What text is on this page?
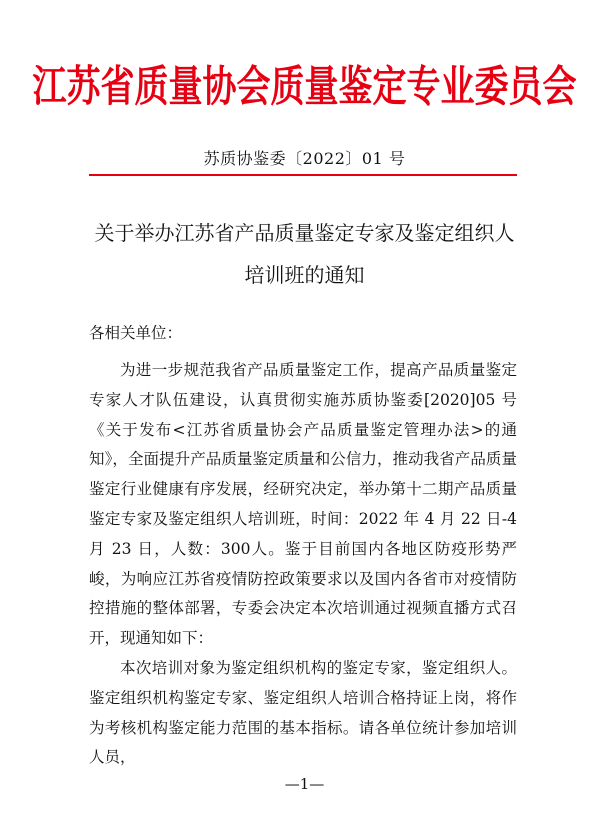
江苏省质量协会质量鉴定专业委员会
苏质协鉴委〔2022〕01 号
关于举办江苏省产品质量鉴定专家及鉴定组织人
培训班的通知
各相关单位：

为进一步规范我省产品质量鉴定工作，提高产品质量鉴定专家人才队伍建设，认真贯彻实施苏质协鉴委[2020]05 号《关于发布<江苏省质量协会产品质量鉴定管理办法>的通知》，全面提升产品质量鉴定质量和公信力，推动我省产品质量鉴定行业健康有序发展，经研究决定，举办第十二期产品质量鉴定专家及鉴定组织人培训班，时间：2022 年 4 月 22 日-4 月 23 日，人数：300人。鉴于目前国内各地区防疫形势严峻，为响应江苏省疫情防控政策要求以及国内各省市对疫情防控措施的整体部署，专委会决定本次培训通过视频直播方式召开，现通知如下：

本次培训对象为鉴定组织机构的鉴定专家，鉴定组织人。鉴定组织机构鉴定专家、鉴定组织人培训合格持证上岗，将作为考核机构鉴定能力范围的基本指标。请各单位统计参加培训人员，

—1—
